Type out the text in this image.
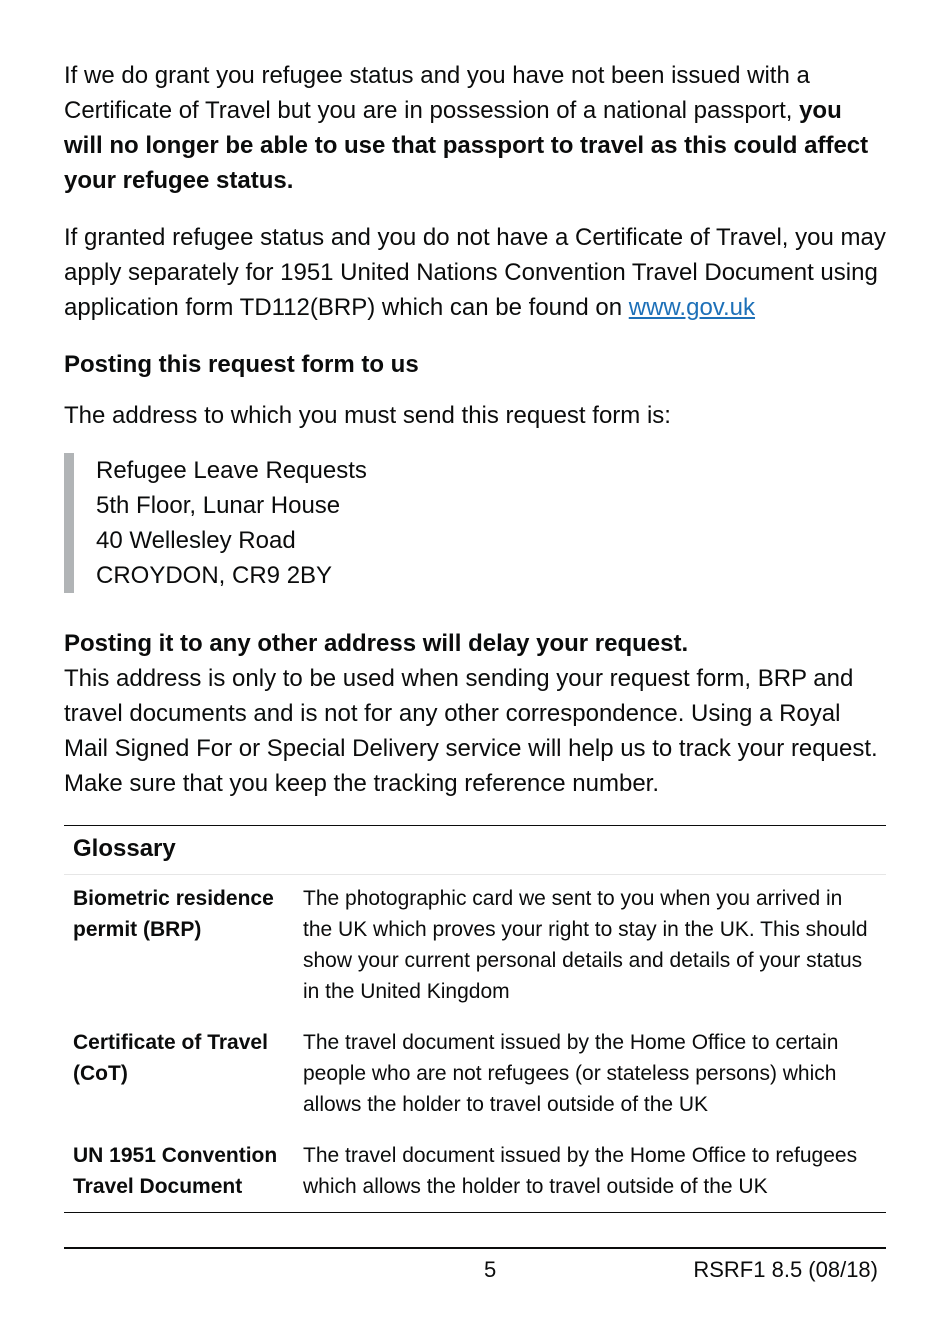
If we do grant you refugee status and you have not been issued with a Certificate of Travel but you are in possession of a national passport, you will no longer be able to use that passport to travel as this could affect your refugee status.

If granted refugee status and you do not have a Certificate of Travel, you may apply separately for 1951 United Nations Convention Travel Document using application form TD112(BRP) which can be found on www.gov.uk

Posting this request form to us

The address to which you must send this request form is:

Refugee Leave Requests
5th Floor, Lunar House
40 Wellesley Road
CROYDON, CR9 2BY
Posting it to any other address will delay your request.

This address is only to be used when sending your request form, BRP and travel documents and is not for any other correspondence. Using a Royal Mail Signed For or Special Delivery service will help us to track your request. Make sure that you keep the tracking reference number.

Glossary
Biometric residence permit (BRP)
The photographic card we sent to you when you arrived in the UK which proves your right to stay in the UK. This should show your current personal details and details of your status in the United Kingdom
Certificate of Travel (CoT)
The travel document issued by the Home Office to certain people who are not refugees (or stateless persons) which allows the holder to travel outside of the UK
UN 1951 Convention Travel Document
The travel document issued by the Home Office to refugees which allows the holder to travel outside of the UK
5	RSRF1 8.5 (08/18)
